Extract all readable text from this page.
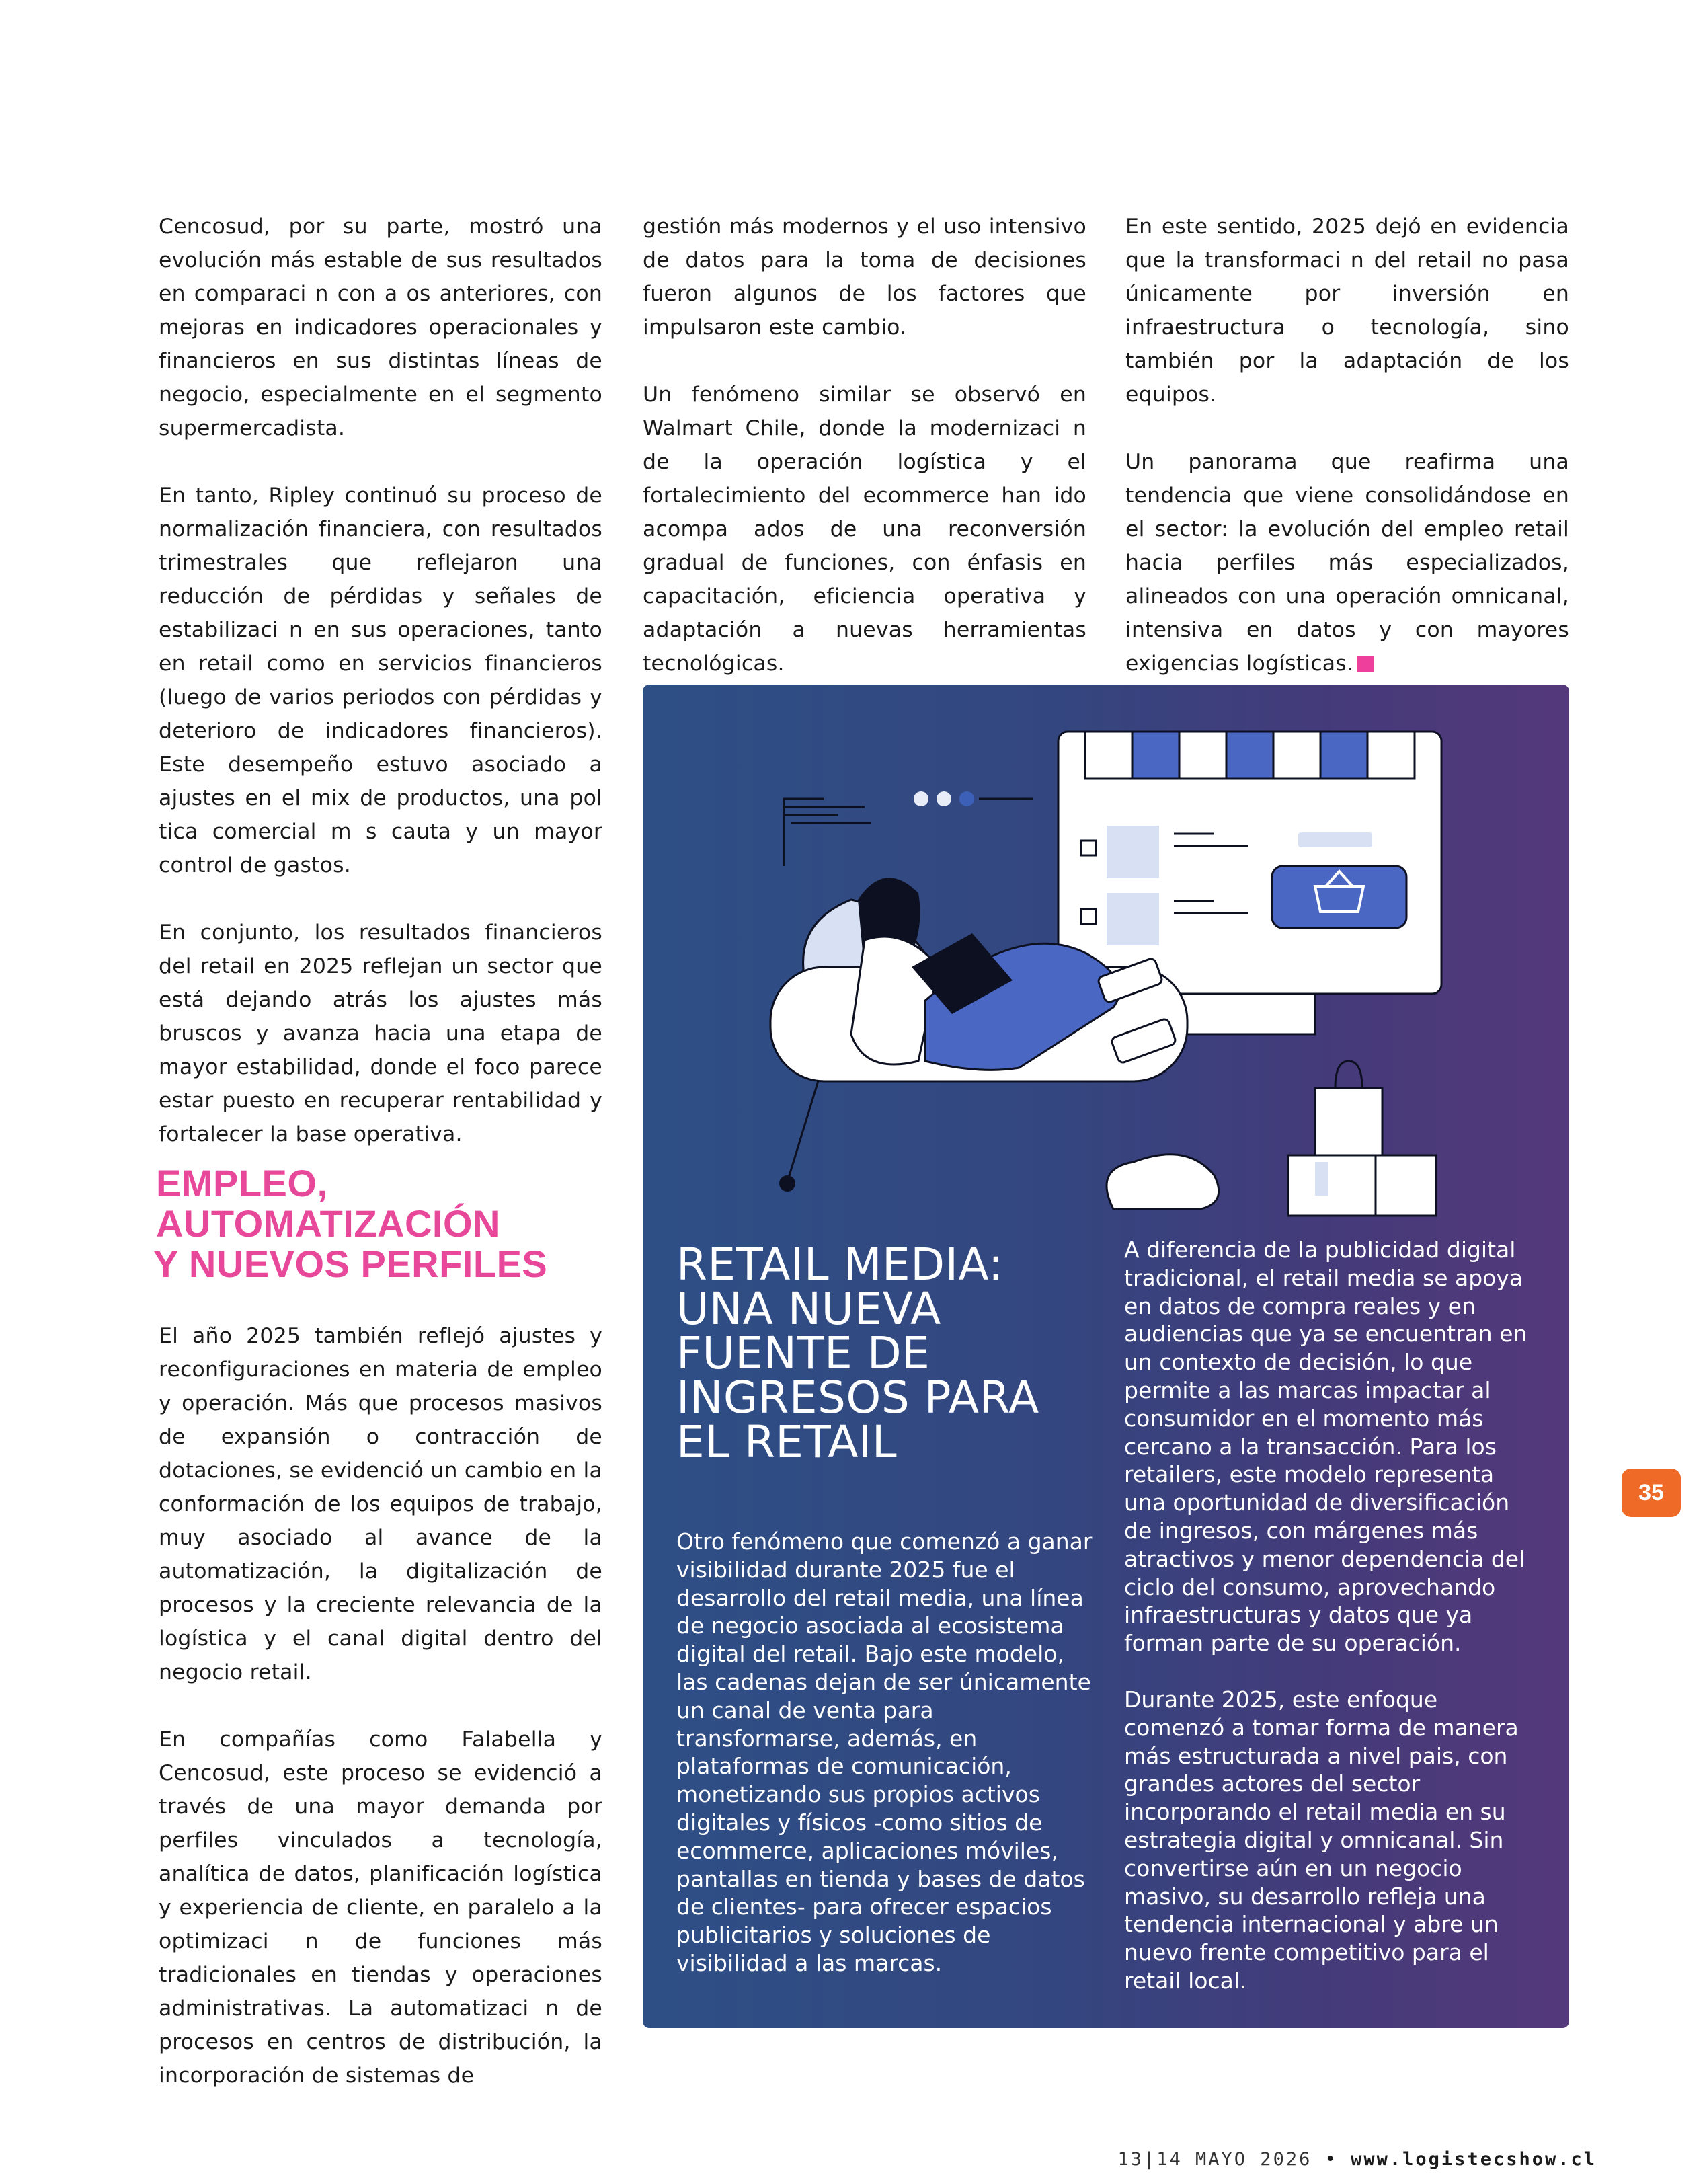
Cencosud, por su parte, mostró una evolución más estable de sus resultados en comparaci n con a os anteriores, con mejoras en indicadores operacionales y financieros en sus distintas líneas de negocio, especialmente en el segmento supermercadista.

En tanto, Ripley continuó su proceso de normalización financiera, con resultados trimestrales que reflejaron una reducción de pérdidas y señales de estabilizaci n en sus operaciones, tanto en retail como en servicios financieros (luego de varios periodos con pérdidas y deterioro de indicadores financieros). Este desempeño estuvo asociado a ajustes en el mix de productos, una pol tica comercial m s cauta y un mayor control de gastos.

En conjunto, los resultados financieros del retail en 2025 reflejan un sector que está dejando atrás los ajustes más bruscos y avanza hacia una etapa de mayor estabilidad, donde el foco parece estar puesto en recuperar rentabilidad y fortalecer la base operativa.

EMPLEO,
AUTOMATIZACIÓN
Y NUEVOS PERFILES

El año 2025 también reflejó ajustes y reconfiguraciones en materia de empleo y operación. Más que procesos masivos de expansión o contracción de dotaciones, se evidenció un cambio en la conformación de los equipos de trabajo, muy asociado al avance de la automatización, la digitalización de procesos y la creciente relevancia de la logística y el canal digital dentro del negocio retail.

En compañías como Falabella y Cencosud, este proceso se evidenció a través de una mayor demanda por perfiles vinculados a tecnología, analítica de datos, planificación logística y experiencia de cliente, en paralelo a la optimizaci n de funciones más tradicionales en tiendas y operaciones administrativas. La automatizaci n de procesos en centros de distribución, la incorporación de sistemas de

gestión más modernos y el uso intensivo de datos para la toma de decisiones fueron algunos de los factores que impulsaron este cambio.

Un fenómeno similar se observó en Walmart Chile, donde la modernizaci n de la operación logística y el fortalecimiento del ecommerce han ido acompa ados de una reconversión gradual de funciones, con énfasis en capacitación, eficiencia operativa y adaptación a nuevas herramientas tecnológicas.

En este sentido, 2025 dejó en evidencia que la transformaci n del retail no pasa únicamente por inversión en infraestructura o tecnología, sino también por la adaptación de los equipos.

Un panorama que reafirma una tendencia que viene consolidándose en el sector: la evolución del empleo retail hacia perfiles más especializados, alineados con una operación omnicanal, intensiva en datos y con mayores exigencias logísticas.

RETAIL MEDIA:
UNA NUEVA
FUENTE DE
INGRESOS PARA
EL RETAIL

Otro fenómeno que comenzó a ganar visibilidad durante 2025 fue el desarrollo del retail media, una línea de negocio asociada al ecosistema digital del retail. Bajo este modelo, las cadenas dejan de ser únicamente un canal de venta para transformarse, además, en plataformas de comunicación, monetizando sus propios activos digitales y físicos -como sitios de ecommerce, aplicaciones móviles, pantallas en tienda y bases de datos de clientes- para ofrecer espacios publicitarios y soluciones de visibilidad a las marcas.

A diferencia de la publicidad digital tradicional, el retail media se apoya en datos de compra reales y en audiencias que ya se encuentran en un contexto de decisión, lo que permite a las marcas impactar al consumidor en el momento más cercano a la transacción. Para los retailers, este modelo representa una oportunidad de diversificación de ingresos, con márgenes más atractivos y menor dependencia del ciclo del consumo, aprovechando infraestructuras y datos que ya forman parte de su operación.

Durante 2025, este enfoque comenzó a tomar forma de manera más estructurada a nivel pais, con grandes actores del sector incorporando el retail media en su estrategia digital y omnicanal. Sin convertirse aún en un negocio masivo, su desarrollo refleja una tendencia internacional y abre un nuevo frente competitivo para el retail local.

35
13|14 MAYO 2026 • www.logistecshow.cl
